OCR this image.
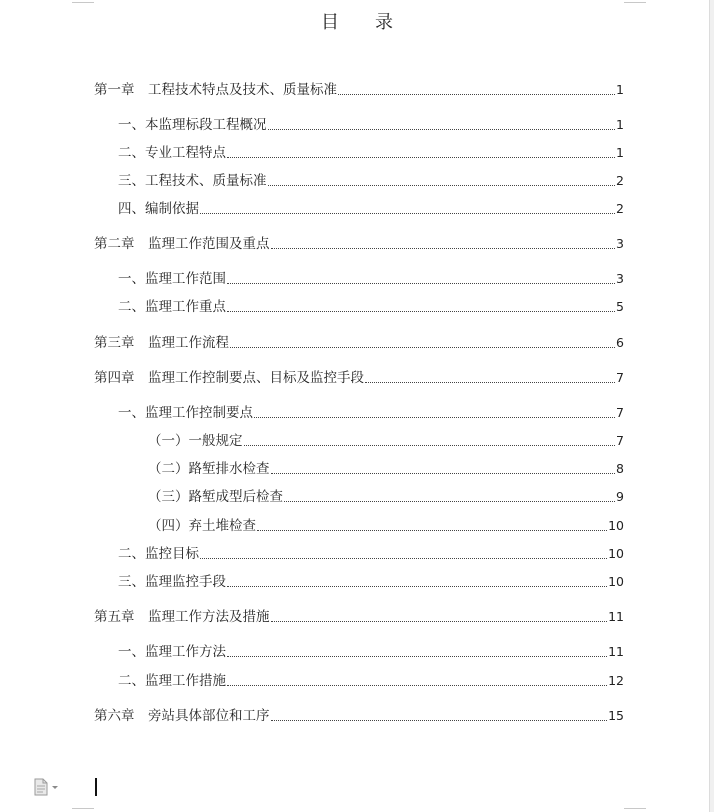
目 录
第一章　工程技术特点及技术、质量标准	1
一、本监理标段工程概况	1
二、专业工程特点	1
三、工程技术、质量标准	2
四、编制依据	2
第二章　监理工作范围及重点	3
一、监理工作范围	3
二、监理工作重点	5
第三章　监理工作流程	6
第四章　监理工作控制要点、目标及监控手段	7
一、监理工作控制要点	7
（一）一般规定	7
（二）路堑排水检查	8
（三）路堑成型后检查	9
（四）弃土堆检查	10
二、监控目标	10
三、监理监控手段	10
第五章　监理工作方法及措施	11
一、监理工作方法	11
二、监理工作措施	12
第六章　旁站具体部位和工序	15
